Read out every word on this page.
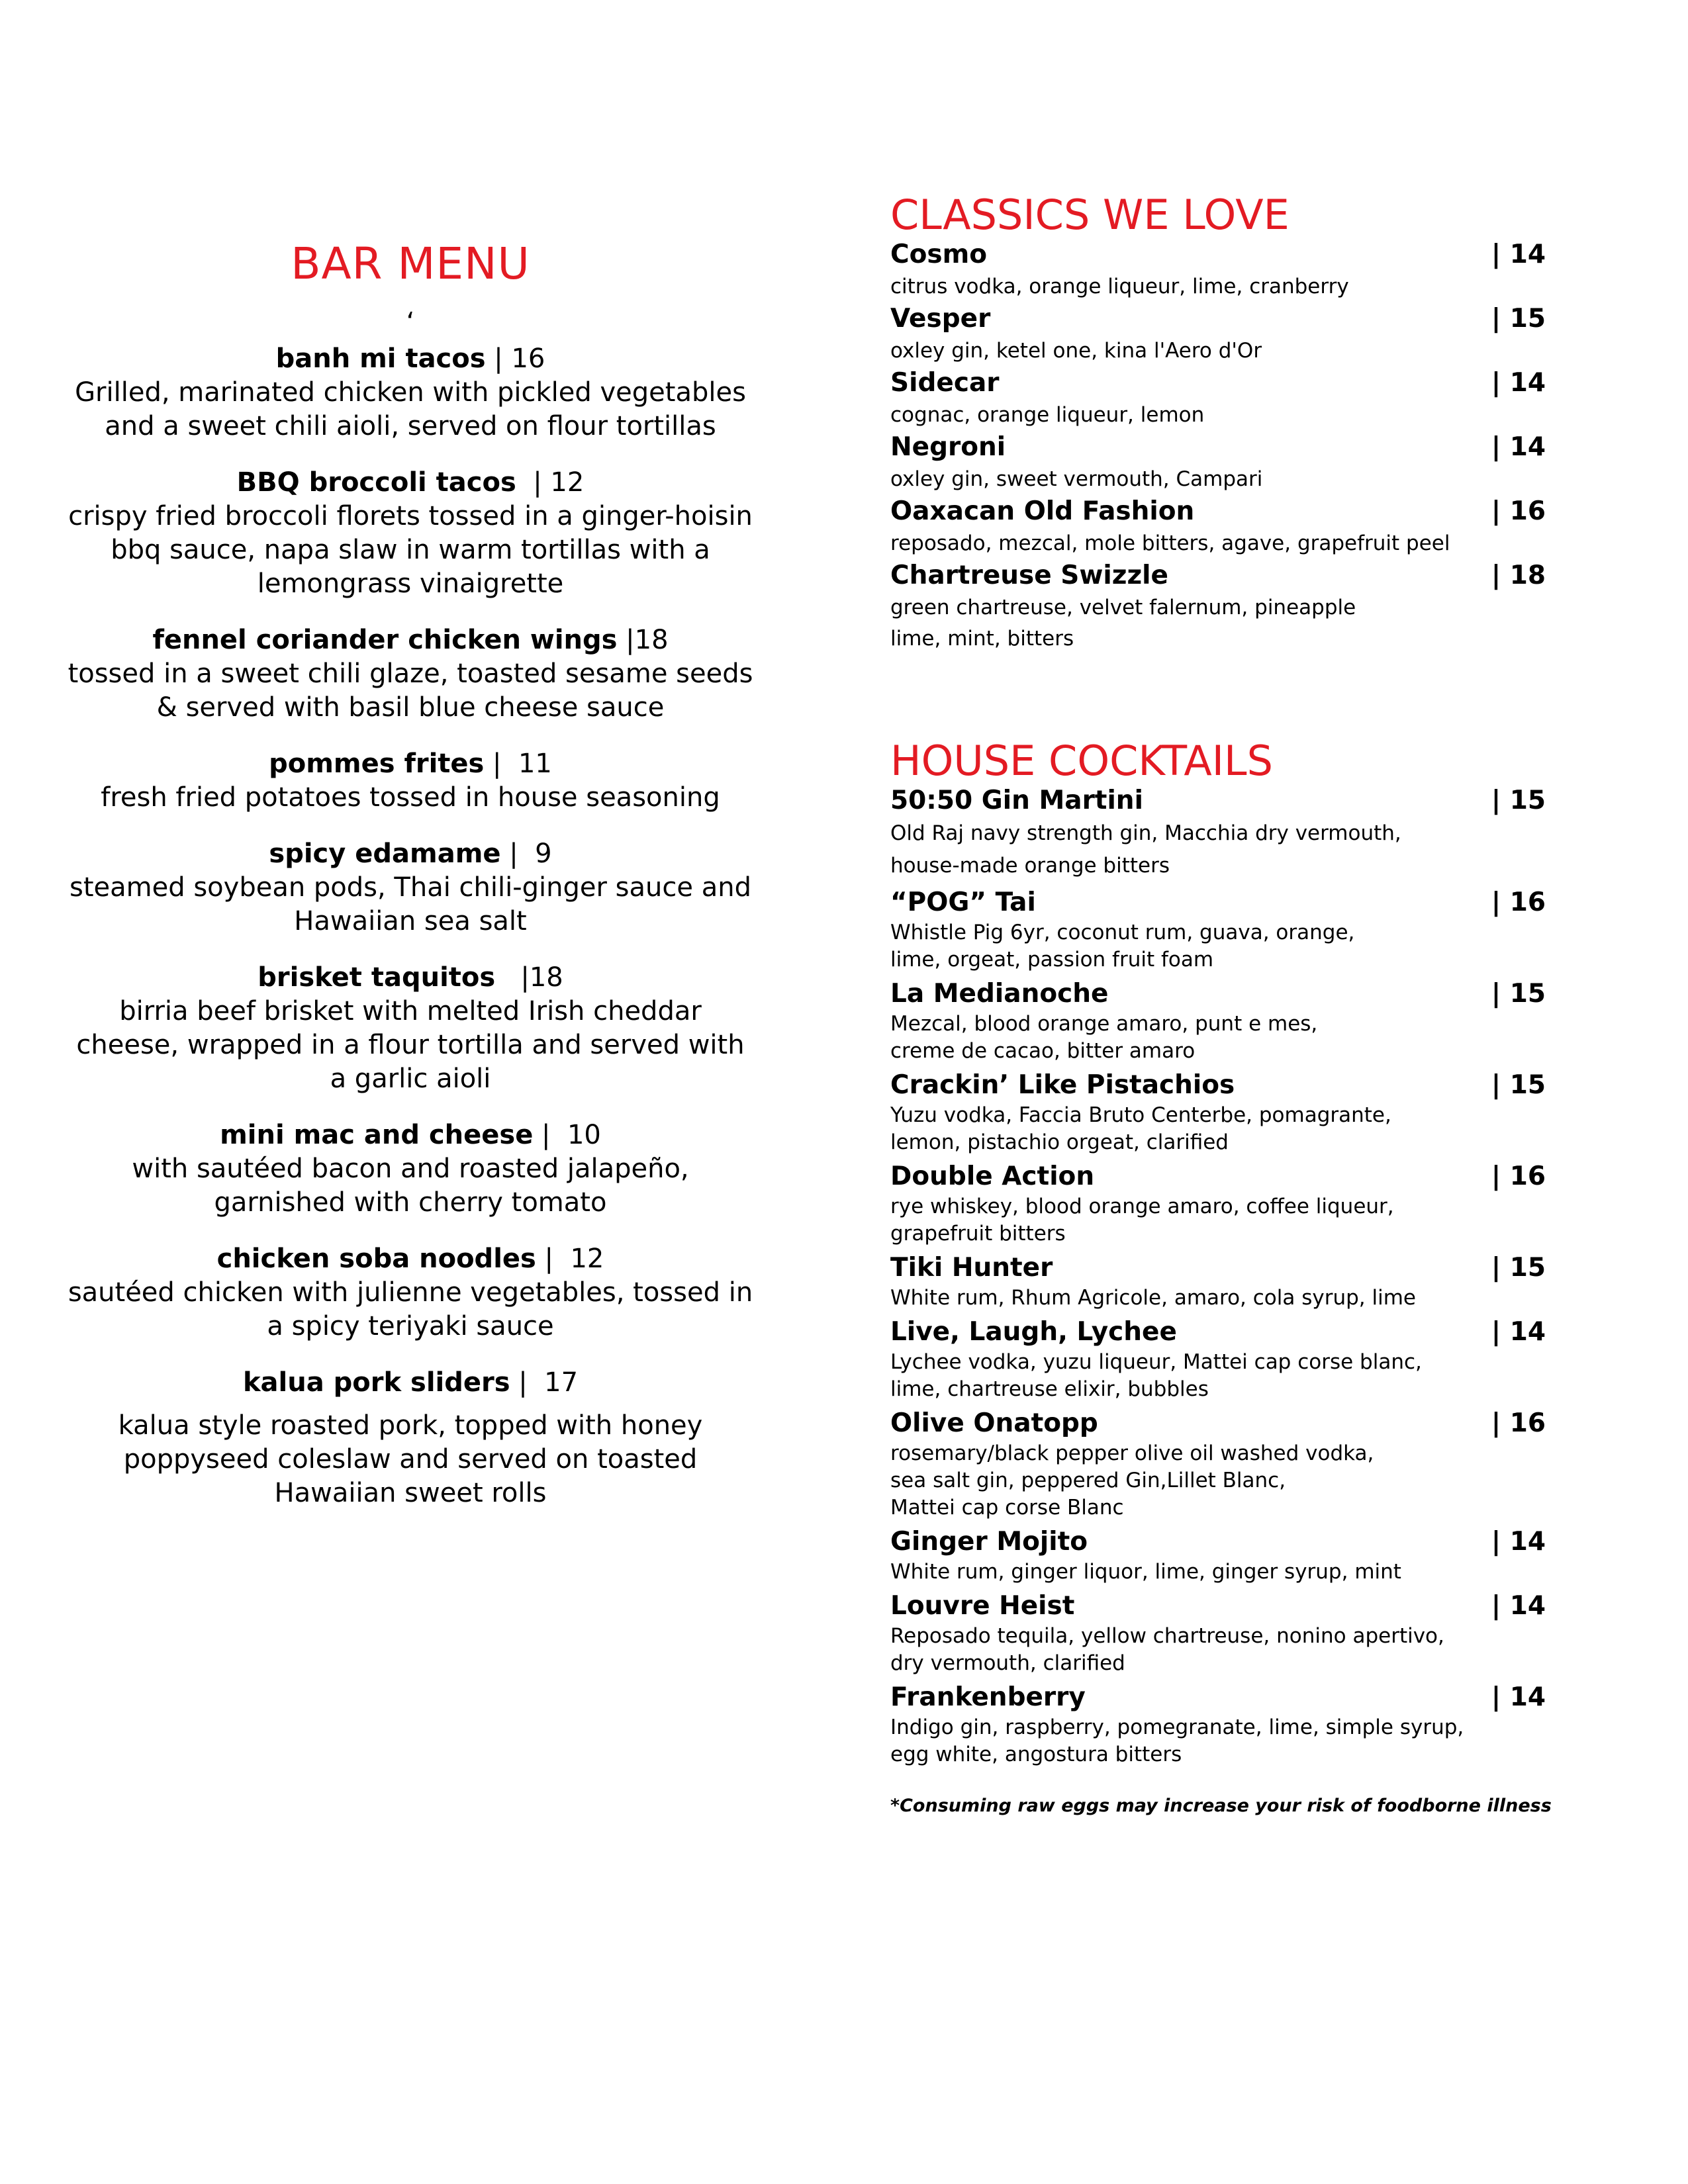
BAR MENU
‘
banh mi tacos | 16
Grilled, marinated chicken with pickled vegetables and a sweet chili aioli, served on flour tortillas
BBQ broccoli tacos  | 12
crispy fried broccoli florets tossed in a ginger-hoisin bbq sauce, napa slaw in warm tortillas with a lemongrass vinaigrette
fennel coriander chicken wings |18
tossed in a sweet chili glaze, toasted sesame seeds & served with basil blue cheese sauce
pommes frites |  11
fresh fried potatoes tossed in house seasoning
spicy edamame |  9
steamed soybean pods, Thai chili-ginger sauce and Hawaiian sea salt
brisket taquitos   |18
birria beef brisket with melted Irish cheddar cheese, wrapped in a flour tortilla and served with a garlic aioli
mini mac and cheese |  10
with sautéed bacon and roasted jalapeño, garnished with cherry tomato
chicken soba noodles |  12
sautéed chicken with julienne vegetables, tossed in a spicy teriyaki sauce
kalua pork sliders |  17
kalua style roasted pork, topped with honey poppyseed coleslaw and served on toasted Hawaiian sweet rolls
CLASSICS WE LOVE
Cosmo	| 14
citrus vodka, orange liqueur, lime, cranberry
Vesper	| 15
oxley gin, ketel one, kina l'Aero d'Or
Sidecar	| 14
cognac, orange liqueur, lemon
Negroni	| 14
oxley gin, sweet vermouth, Campari
Oaxacan Old Fashion	| 16
reposado, mezcal, mole bitters, agave, grapefruit peel
Chartreuse Swizzle	| 18
green chartreuse, velvet falernum, pineapple
lime, mint, bitters
HOUSE COCKTAILS
50:50 Gin Martini	| 15
Old Raj navy strength gin, Macchia dry vermouth,
house-made orange bitters
“POG” Tai	| 16
Whistle Pig 6yr, coconut rum, guava, orange,
lime, orgeat, passion fruit foam
La Medianoche	| 15
Mezcal, blood orange amaro, punt e mes,
creme de cacao, bitter amaro
Crackin’ Like Pistachios	| 15
Yuzu vodka, Faccia Bruto Centerbe, pomagrante,
lemon, pistachio orgeat, clarified
Double Action	| 16
rye whiskey, blood orange amaro, coffee liqueur,
grapefruit bitters
Tiki Hunter	| 15
White rum, Rhum Agricole, amaro, cola syrup, lime
Live, Laugh, Lychee	| 14
Lychee vodka, yuzu liqueur, Mattei cap corse blanc,
lime, chartreuse elixir, bubbles
Olive Onatopp	| 16
rosemary/black pepper olive oil washed vodka,
sea salt gin, peppered Gin,Lillet Blanc,
Mattei cap corse Blanc
Ginger Mojito	| 14
White rum, ginger liquor, lime, ginger syrup, mint
Louvre Heist	| 14
Reposado tequila, yellow chartreuse, nonino apertivo,
dry vermouth, clarified
Frankenberry	| 14
Indigo gin, raspberry, pomegranate, lime, simple syrup,
egg white, angostura bitters
*Consuming raw eggs may increase your risk of foodborne illness
